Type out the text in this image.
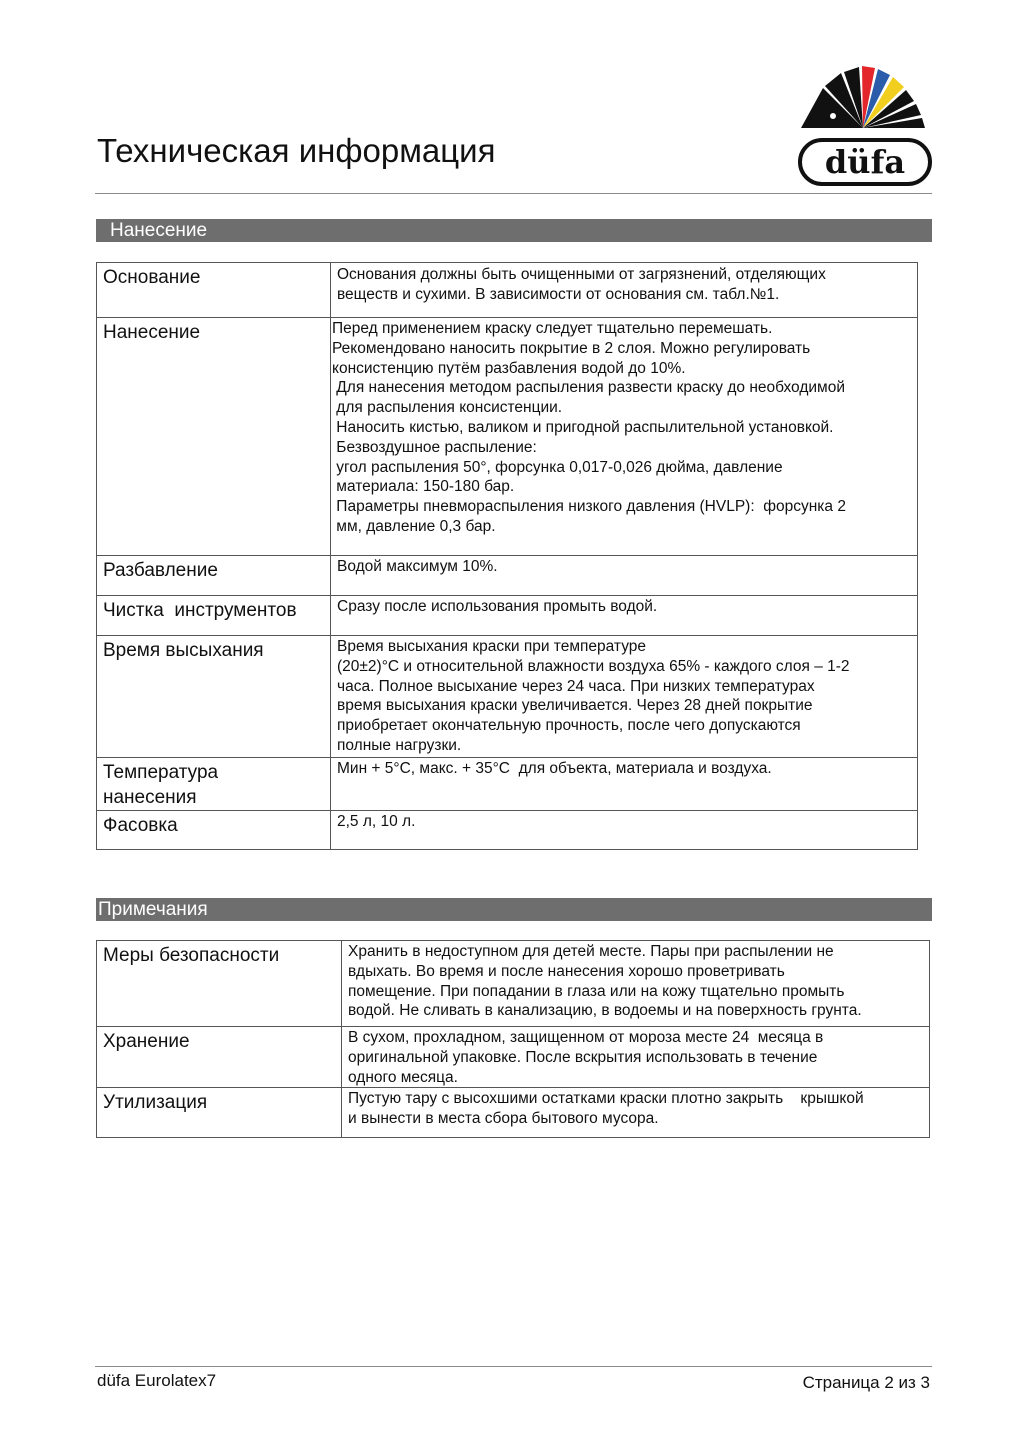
Техническая информация	düfa
Нанесение
Основание	Основания должны быть очищенными от загрязнений, отделяющих
веществ и сухими. В зависимости от основания см. табл.№1.

Нанесение	Перед применением краску следует тщательно перемешать.
Рекомендовано наносить покрытие в 2 слоя. Можно регулировать
консистенцию путём разбавления водой до 10%.
Для нанесения методом распыления развести краску до необходимой
для распыления консистенции.
Наносить кистью, валиком и пригодной распылительной установкой.
Безвоздушное распыление:
угол распыления 50°, форсунка 0,017-0,026 дюйма, давление
материала: 150-180 бар.
Параметры пневмораспыления низкого давления (HVLP):  форсунка 2
мм, давление 0,3 бар.

Разбавление	Водой максимум 10%.

Чистка  инструментов	Сразу после использования промыть водой.

Время высыхания	Время высыхания краски при температуре
(20±2)°С и относительной влажности воздуха 65% - каждого слоя – 1-2
часа. Полное высыхание через 24 часа. При низких температурах
время высыхания краски увеличивается. Через 28 дней покрытие
приобретает окончательную прочность, после чего допускаются
полные нагрузки.

Температура
нанесения	Мин + 5°С, макс. + 35°С  для объекта, материала и воздуха.

Фасовка	2,5 л, 10 л.
Примечания
Меры безопасности	Хранить в недоступном для детей месте. Пары при распылении не
вдыхать. Во время и после нанесения хорошо проветривать
помещение. При попадании в глаза или на кожу тщательно промыть
водой. Не сливать в канализацию, в водоемы и на поверхность грунта.

Хранение	В сухом, прохладном, защищенном от мороза месте 24  месяца в
оригинальной упаковке. После вскрытия использовать в течение
одного месяца.

Утилизация	Пустую тару с высохшими остатками краски плотно закрыть    крышкой
и вынести в места сбора бытового мусора.
düfa Eurolatex7	Страница 2 из 3
